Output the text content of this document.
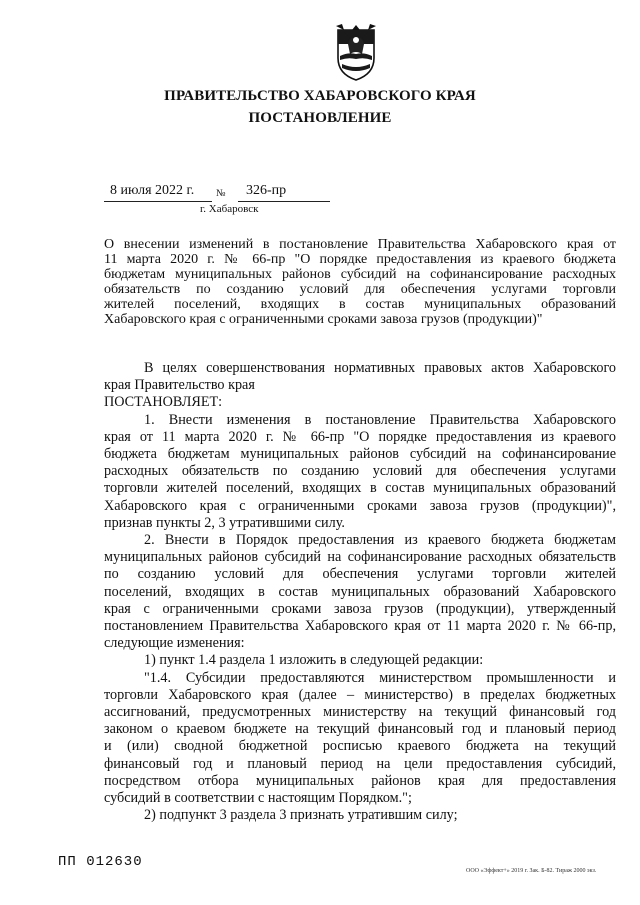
ПРАВИТЕЛЬСТВО ХАБАРОВСКОГО КРАЯ
ПОСТАНОВЛЕНИЕ
8 июля 2022 г. № 326-пр
г. Хабаровск
О внесении изменений в постановление Правительства Хабаровского края от
11 марта 2020 г. № 66-пр "О порядке предоставления из краевого бюджета
бюджетам муниципальных районов субсидий на софинансирование расходных
обязательств по созданию условий для обеспечения услугами торговли
жителей поселений, входящих в состав муниципальных образований
Хабаровского края с ограниченными сроками завоза грузов (продукции)"
В целях совершенствования нормативных правовых актов Хабаровского
края Правительство края
ПОСТАНОВЛЯЕТ:
1. Внести изменения в постановление Правительства Хабаровского
края от 11 марта 2020 г. № 66-пр "О порядке предоставления из краевого
бюджета бюджетам муниципальных районов субсидий на софинансирование
расходных обязательств по созданию условий для обеспечения услугами
торговли жителей поселений, входящих в состав муниципальных образований
Хабаровского края с ограниченными сроками завоза грузов (продукции)",
признав пункты 2, 3 утратившими силу.
2. Внести в Порядок предоставления из краевого бюджета бюджетам
муниципальных районов субсидий на софинансирование расходных обязательств
по созданию условий для обеспечения услугами торговли жителей
поселений, входящих в состав муниципальных образований Хабаровского
края с ограниченными сроками завоза грузов (продукции), утвержденный
постановлением Правительства Хабаровского края от 11 марта 2020 г. № 66-пр,
следующие изменения:
1) пункт 1.4 раздела 1 изложить в следующей редакции:
"1.4. Субсидии предоставляются министерством промышленности и
торговли Хабаровского края (далее – министерство) в пределах бюджетных
ассигнований, предусмотренных министерству на текущий финансовый год
законом о краевом бюджете на текущий финансовый год и плановый период
и (или) сводной бюджетной росписью краевого бюджета на текущий
финансовый год и плановый период на цели предоставления субсидий,
посредством отбора муниципальных районов края для предоставления
субсидий в соответствии с настоящим Порядком.";
2) подпункт 3 раздела 3 признать утратившим силу;
ПП 012630
ООО «Эффект+» 2019 г. Зак. Б-82. Тираж 2000 экз.
